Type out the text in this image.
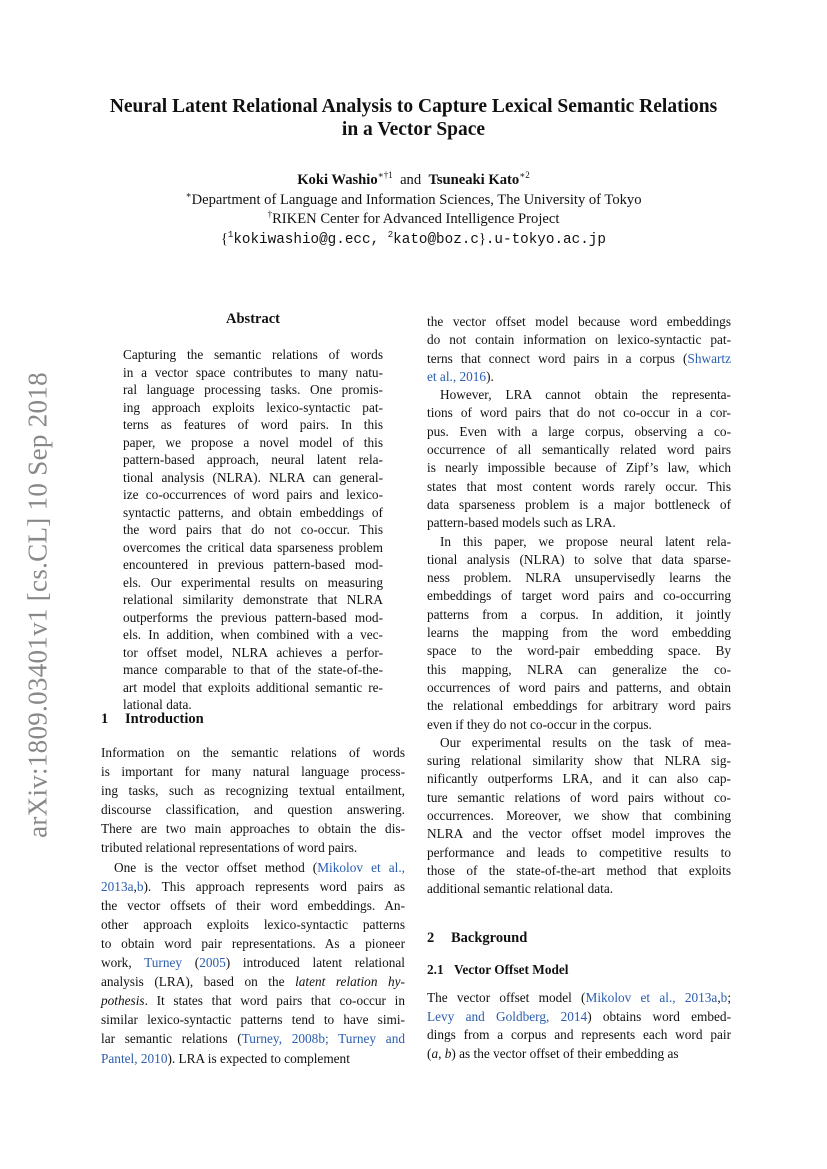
arXiv:1809.03401v1 [cs.CL] 10 Sep 2018
Neural Latent Relational Analysis to Capture Lexical Semantic Relations
in a Vector Space
Koki Washio$^{∗\dagger 1}$ and Tsuneaki Kato$^{∗2}$
∗Department of Language and Information Sciences, The University of Tokyo
†RIKEN Center for Advanced Intelligence Project
{$^1$kokiwashio@g.ecc, $^2$kato@boz.c}.u-tokyo.ac.jp
Abstract
Capturing the semantic relations of words
in a vector space contributes to many natu-
ral language processing tasks. One promis-
ing approach exploits lexico-syntactic pat-
terns as features of word pairs. In this
paper, we propose a novel model of this
pattern-based approach, neural latent rela-
tional analysis (NLRA). NLRA can general-
ize co-occurrences of word pairs and lexico-
syntactic patterns, and obtain embeddings of
the word pairs that do not co-occur. This
overcomes the critical data sparseness problem
encountered in previous pattern-based mod-
els. Our experimental results on measuring
relational similarity demonstrate that NLRA
outperforms the previous pattern-based mod-
els. In addition, when combined with a vec-
tor offset model, NLRA achieves a perfor-
mance comparable to that of the state-of-the-
art model that exploits additional semantic re-
lational data.
1 Introduction
Information on the semantic relations of words
is important for many natural language process-
ing tasks, such as recognizing textual entailment,
discourse classification, and question answering.
There are two main approaches to obtain the dis-
tributed relational representations of word pairs.
One is the vector offset method (Mikolov et al.,
2013a,b). This approach represents word pairs as
the vector offsets of their word embeddings. An-
other approach exploits lexico-syntactic patterns
to obtain word pair representations. As a pioneer
work, Turney (2005) introduced latent relational
analysis (LRA), based on the latent relation hy-
pothesis. It states that word pairs that co-occur in
similar lexico-syntactic patterns tend to have simi-
lar semantic relations (Turney, 2008b; Turney and
Pantel, 2010). LRA is expected to complement
the vector offset model because word embeddings
do not contain information on lexico-syntactic pat-
terns that connect word pairs in a corpus (Shwartz
et al., 2016).
However, LRA cannot obtain the representa-
tions of word pairs that do not co-occur in a cor-
pus. Even with a large corpus, observing a co-
occurrence of all semantically related word pairs
is nearly impossible because of Zipf’s law, which
states that most content words rarely occur. This
data sparseness problem is a major bottleneck of
pattern-based models such as LRA.
In this paper, we propose neural latent rela-
tional analysis (NLRA) to solve that data sparse-
ness problem. NLRA unsupervisedly learns the
embeddings of target word pairs and co-occurring
patterns from a corpus. In addition, it jointly
learns the mapping from the word embedding
space to the word-pair embedding space. By
this mapping, NLRA can generalize the co-
occurrences of word pairs and patterns, and obtain
the relational embeddings for arbitrary word pairs
even if they do not co-occur in the corpus.
Our experimental results on the task of mea-
suring relational similarity show that NLRA sig-
nificantly outperforms LRA, and it can also cap-
ture semantic relations of word pairs without co-
occurrences. Moreover, we show that combining
NLRA and the vector offset model improves the
performance and leads to competitive results to
those of the state-of-the-art method that exploits
additional semantic relational data.
2 Background
2.1 Vector Offset Model
The vector offset model (Mikolov et al., 2013a,b;
Levy and Goldberg, 2014) obtains word embed-
dings from a corpus and represents each word pair
(a, b) as the vector offset of their embedding as
